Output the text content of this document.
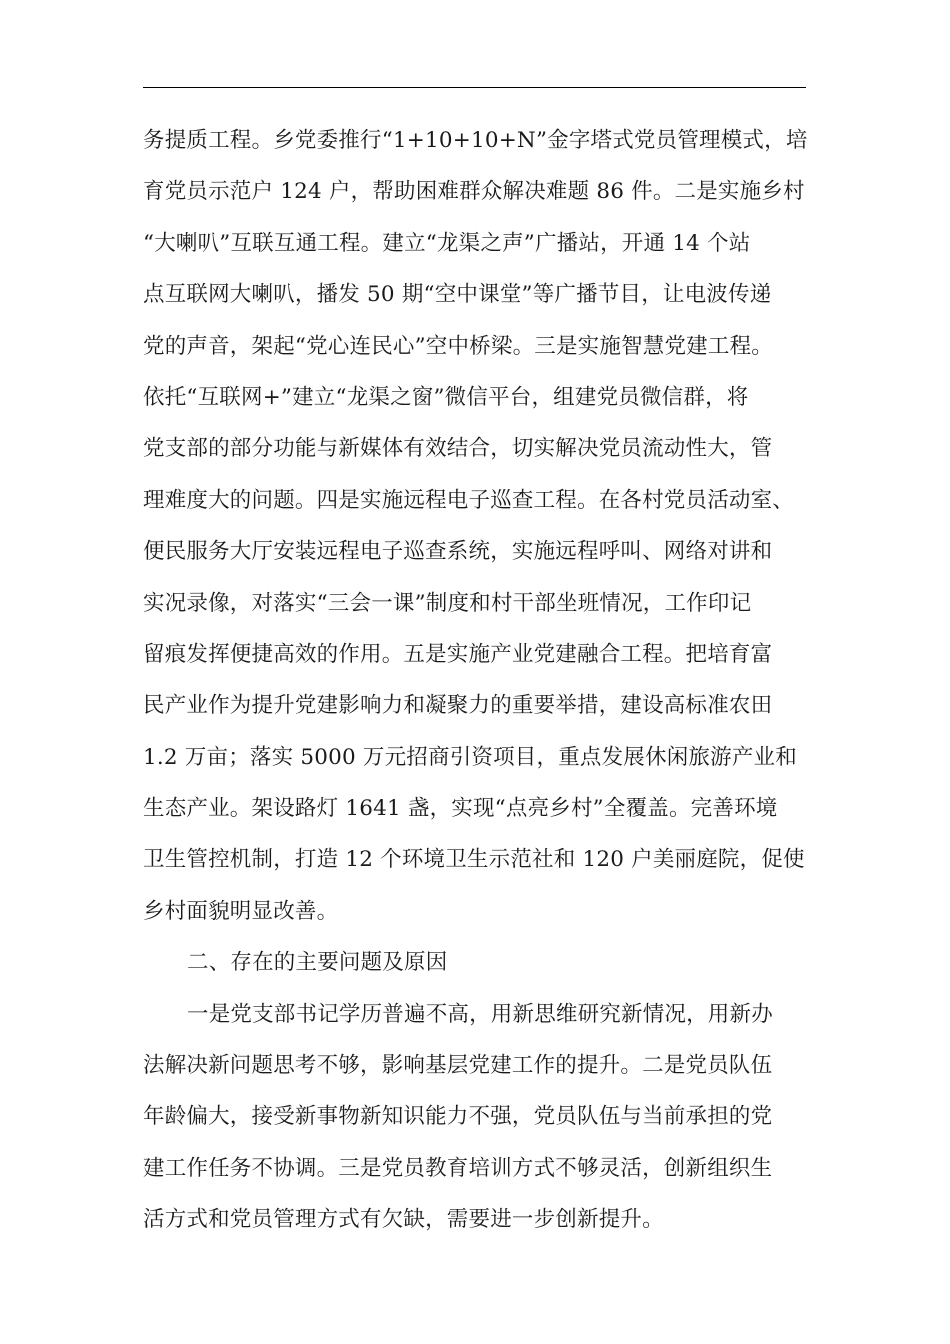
务提质工程。乡党委推行“1+10+10+N”金字塔式党员管理模式，培
育党员示范户 124 户，帮助困难群众解决难题 86 件。二是实施乡村
“大喇叭”互联互通工程。建立“龙渠之声”广播站，开通 14 个站
点互联网大喇叭，播发 50 期“空中课堂”等广播节目，让电波传递
党的声音，架起“党心连民心”空中桥梁。三是实施智慧党建工程。
依托“互联网+”建立“龙渠之窗”微信平台，组建党员微信群，将
党支部的部分功能与新媒体有效结合，切实解决党员流动性大，管
理难度大的问题。四是实施远程电子巡查工程。在各村党员活动室、
便民服务大厅安装远程电子巡查系统，实施远程呼叫、网络对讲和
实况录像，对落实“三会一课”制度和村干部坐班情况，工作印记
留痕发挥便捷高效的作用。五是实施产业党建融合工程。把培育富
民产业作为提升党建影响力和凝聚力的重要举措，建设高标准农田
1.2 万亩；落实 5000 万元招商引资项目，重点发展休闲旅游产业和
生态产业。架设路灯 1641 盏，实现“点亮乡村”全覆盖。完善环境
卫生管控机制，打造 12 个环境卫生示范社和 120 户美丽庭院，促使
乡村面貌明显改善。
二、存在的主要问题及原因
一是党支部书记学历普遍不高，用新思维研究新情况，用新办
法解决新问题思考不够，影响基层党建工作的提升。二是党员队伍
年龄偏大，接受新事物新知识能力不强，党员队伍与当前承担的党
建工作任务不协调。三是党员教育培训方式不够灵活，创新组织生
活方式和党员管理方式有欠缺，需要进一步创新提升。
